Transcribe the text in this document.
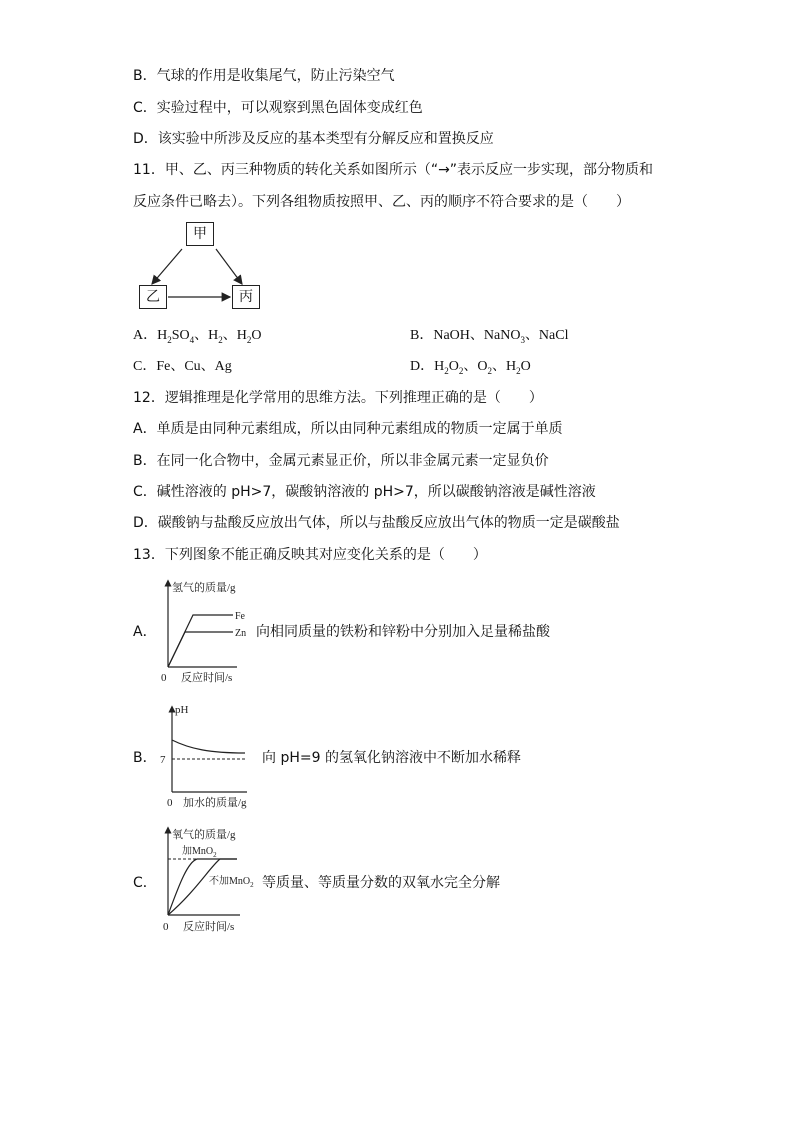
B．气球的作用是收集尾气，防止污染空气
C．实验过程中，可以观察到黑色固体变成红色
D．该实验中所涉及反应的基本类型有分解反应和置换反应
11．甲、乙、丙三种物质的转化关系如图所示（“→”表示反应一步实现，部分物质和
反应条件已略去）。下列各组物质按照甲、乙、丙的顺序不符合要求的是（　　）
甲
乙	丙
A．$H_2SO_4$、$H_2$、$H_2O$	B．NaOH、NaNO$_3$、NaCl
C．Fe、Cu、Ag	D．$H_2O_2$、$O_2$、$H_2O$
12．逻辑推理是化学常用的思维方法。下列推理正确的是（　　）
A．单质是由同种元素组成，所以由同种元素组成的物质一定属于单质
B．在同一化合物中，金属元素显正价，所以非金属元素一定显负价
C．碱性溶液的 pH>7，碳酸钠溶液的 pH>7，所以碳酸钠溶液是碱性溶液
D．碳酸钠与盐酸反应放出气体，所以与盐酸反应放出气体的物质一定是碳酸盐
13．下列图象不能正确反映其对应变化关系的是（　　）
A．
氢气的质量/g
Fe
Zn
0 反应时间/s
向相同质量的铁粉和锌粉中分别加入足量稀盐酸
B．
pH
7
0 加水的质量/g
向 pH=9 的氢氧化钠溶液中不断加水稀释
C．
氧气的质量/g
加MnO$_2$
不加MnO$_2$
0 反应时间/s
等质量、等质量分数的双氧水完全分解
